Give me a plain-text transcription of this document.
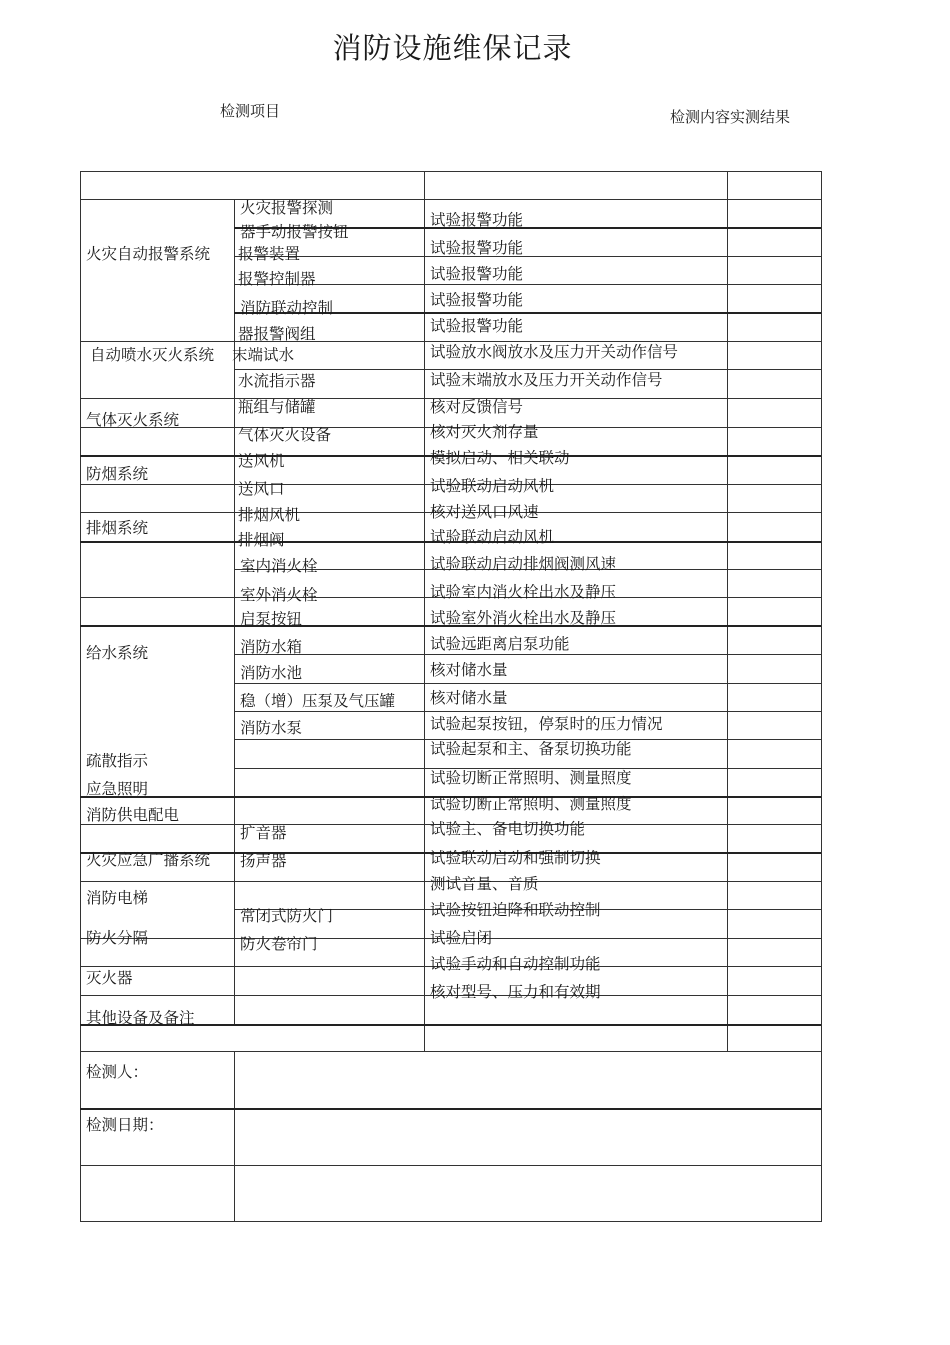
消防设施维保记录
检测项目	检测内容实测结果
火灾自动报警系统
自动喷水灭火系统
气体灭火系统
防烟系统
排烟系统
给水系统
疏散指示
应急照明
消防供电配电
火灾应急广播系统
消防电梯
防火分隔
灭火器
其他设备及备注
火灾报警探测
器手动报警按钮
报警装置
报警控制器
消防联动控制
器报警阀组
末端试水
水流指示器
瓶组与储罐
气体灭火设备
送风机
送风口
排烟风机
排烟阀
室内消火栓
室外消火栓
启泵按钮
消防水箱
消防水池
稳（增）压泵及气压罐
消防水泵
扩音器
扬声器
常闭式防火门
防火卷帘门
试验报警功能
试验报警功能
试验报警功能
试验报警功能
试验报警功能
试验放水阀放水及压力开关动作信号
试验末端放水及压力开关动作信号
核对反馈信号
核对灭火剂存量
模拟启动、相关联动
试验联动启动风机
核对送风口风速
试验联动启动风机
试验联动启动排烟阀测风速
试验室内消火栓出水及静压
试验室外消火栓出水及静压
试验远距离启泵功能
核对储水量
核对储水量
试验起泵按钮，停泵时的压力情况
试验起泵和主、备泵切换功能
试验切断正常照明、测量照度
试验切断正常照明、测量照度
试验主、备电切换功能
试验联动启动和强制切换
测试音量、音质
试验按钮迫降和联动控制
试验启闭
试验手动和自动控制功能
核对型号、压力和有效期
检测人：
检测日期：
